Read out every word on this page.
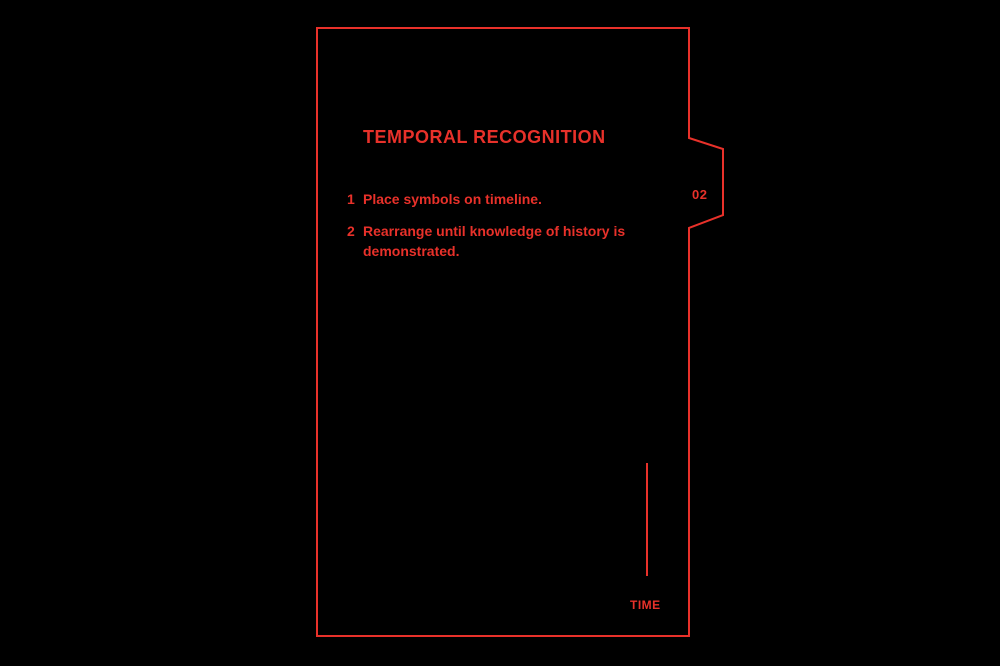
TEMPORAL RECOGNITION
1 Place symbols on timeline.
2 Rearrange until knowledge of history is demonstrated.
02
TIME
